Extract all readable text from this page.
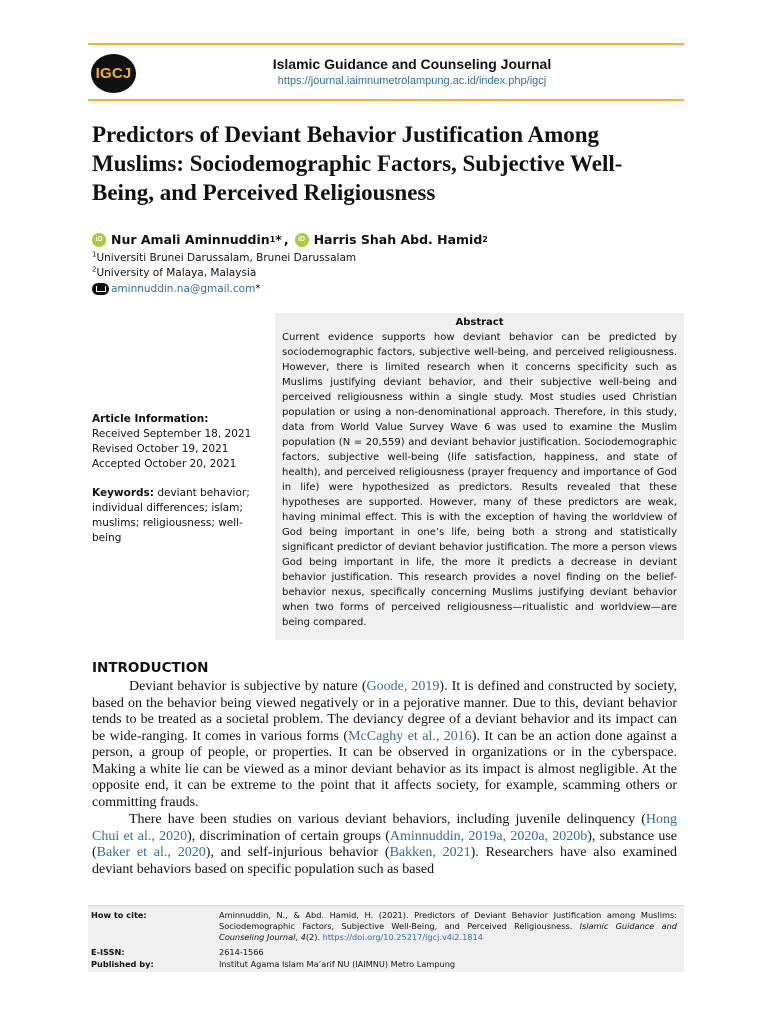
IGCJ
Islamic Guidance and Counseling Journal
https://journal.iaimnumetrolampung.ac.id/index.php/igcj
Predictors of Deviant Behavior Justification Among Muslims: Sociodemographic Factors, Subjective Well-Being, and Perceived Religiousness
iD Nur Amali Aminnuddin 1 * ,	iD Harris Shah Abd. Hamid 2
$^1$Universiti Brunei Darussalam, Brunei Darussalam
$^2$University of Malaya, Malaysia
aminnuddin.na@gmail.com *
Article Information:
Received September 18, 2021
Revised October 19, 2021
Accepted October 20, 2021
Keywords: deviant behavior; individual differences; islam; muslims; religiousness; well-being
Abstract
Current evidence supports how deviant behavior can be predicted by sociodemographic factors, subjective well-being, and perceived religiousness. However, there is limited research when it concerns specificity such as Muslims justifying deviant behavior, and their subjective well-being and perceived religiousness within a single study. Most studies used Christian population or using a non-denominational approach. Therefore, in this study, data from World Value Survey Wave 6 was used to examine the Muslim population (N = 20,559) and deviant behavior justification. Sociodemographic factors, subjective well-being (life satisfaction, happiness, and state of health), and perceived religiousness (prayer frequency and importance of God in life) were hypothesized as predictors. Results revealed that these hypotheses are supported. However, many of these predictors are weak, having minimal effect. This is with the exception of having the worldview of God being important in one’s life, being both a strong and statistically significant predictor of deviant behavior justification. The more a person views God being important in life, the more it predicts a decrease in deviant behavior justification. This research provides a novel finding on the belief-behavior nexus, specifically concerning Muslims justifying deviant behavior when two forms of perceived religiousness—ritualistic and worldview—are being compared.
INTRODUCTION

Deviant behavior is subjective by nature (Goode, 2019). It is defined and constructed by society, based on the behavior being viewed negatively or in a pejorative manner. Due to this, deviant behavior tends to be treated as a societal problem. The deviancy degree of a deviant behavior and its impact can be wide-ranging. It comes in various forms (McCaghy et al., 2016). It can be an action done against a person, a group of people, or properties. It can be observed in organizations or in the cyberspace. Making a white lie can be viewed as a minor deviant behavior as its impact is almost negligible. At the opposite end, it can be extreme to the point that it affects society, for example, scamming others or committing frauds.

There have been studies on various deviant behaviors, including juvenile delinquency (Hong Chui et al., 2020), discrimination of certain groups (Aminnuddin, 2019a, 2020a, 2020b), substance use (Baker et al., 2020), and self-injurious behavior (Bakken, 2021). Researchers have also examined deviant behaviors based on specific population such as based

How to cite:	Aminnuddin, N., & Abd. Hamid, H. (2021). Predictors of Deviant Behavior Justification among Muslims: Sociodemographic Factors, Subjective Well-Being, and Perceived Religiousness. Islamic Guidance and Counseling Journal, 4(2). https://doi.org/10.25217/igcj.v4i2.1814
E-ISSN:	2614-1566
Published by:	Institut Agama Islam Ma’arif NU (IAIMNU) Metro Lampung
